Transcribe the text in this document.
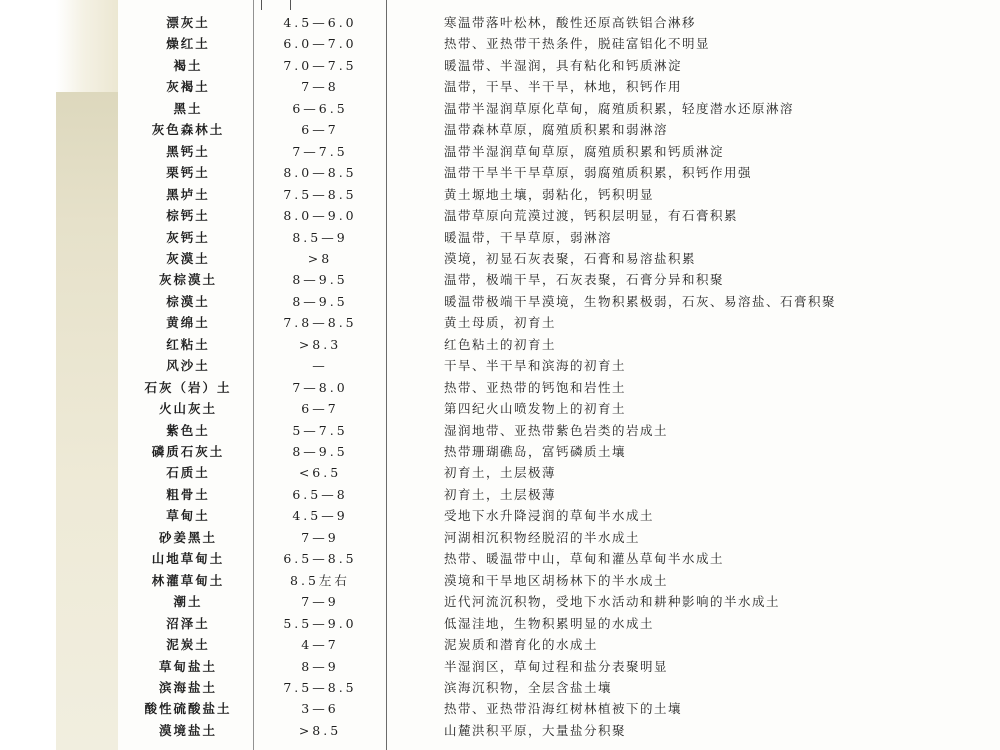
漂灰土	4.5—6.0	寒温带落叶松林，酸性还原高铁铝合淋移
燥红土	6.0—7.0	热带、亚热带干热条件，脱硅富铝化不明显
褐土	7.0—7.5	暖温带、半湿润，具有粘化和钙质淋淀
灰褐土	7—8	温带，干旱、半干旱，林地，积钙作用
黑土	6—6.5	温带半湿润草原化草甸，腐殖质积累，轻度潜水还原淋溶
灰色森林土	6—7	温带森林草原，腐殖质积累和弱淋溶
黑钙土	7—7.5	温带半湿润草甸草原，腐殖质积累和钙质淋淀
栗钙土	8.0—8.5	温带干旱半干旱草原，弱腐殖质积累，积钙作用强
黑垆土	7.5—8.5	黄土塬地土壤，弱粘化，钙积明显
棕钙土	8.0—9.0	温带草原向荒漠过渡，钙积层明显，有石膏积累
灰钙土	8.5—9	暖温带，干旱草原，弱淋溶
灰漠土	>8	漠境，初显石灰表聚，石膏和易溶盐积累
灰棕漠土	8—9.5	温带，极端干旱，石灰表聚，石膏分异和积聚
棕漠土	8—9.5	暖温带极端干旱漠境，生物积累极弱，石灰、易溶盐、石膏积聚
黄绵土	7.8—8.5	黄土母质，初育土
红粘土	>8.3	红色粘土的初育土
风沙土	—	干旱、半干旱和滨海的初育土
石灰（岩）土	7—8.0	热带、亚热带的钙饱和岩性土
火山灰土	6—7	第四纪火山喷发物上的初育土
紫色土	5—7.5	湿润地带、亚热带紫色岩类的岩成土
磷质石灰土	8—9.5	热带珊瑚礁岛，富钙磷质土壤
石质土	<6.5	初育土，土层极薄
粗骨土	6.5—8	初育土，土层极薄
草甸土	4.5—9	受地下水升降浸润的草甸半水成土
砂姜黑土	7—9	河湖相沉积物经脱沼的半水成土
山地草甸土	6.5—8.5	热带、暖温带中山，草甸和灌丛草甸半水成土
林灌草甸土	8.5左右	漠境和干旱地区胡杨林下的半水成土
潮土	7—9	近代河流沉积物，受地下水活动和耕种影响的半水成土
沼泽土	5.5—9.0	低湿洼地，生物积累明显的水成土
泥炭土	4—7	泥炭质和潜育化的水成土
草甸盐土	8—9	半湿润区，草甸过程和盐分表聚明显
滨海盐土	7.5—8.5	滨海沉积物，全层含盐土壤
酸性硫酸盐土	3—6	热带、亚热带沿海红树林植被下的土壤
漠境盐土	>8.5	山麓洪积平原，大量盐分积聚
